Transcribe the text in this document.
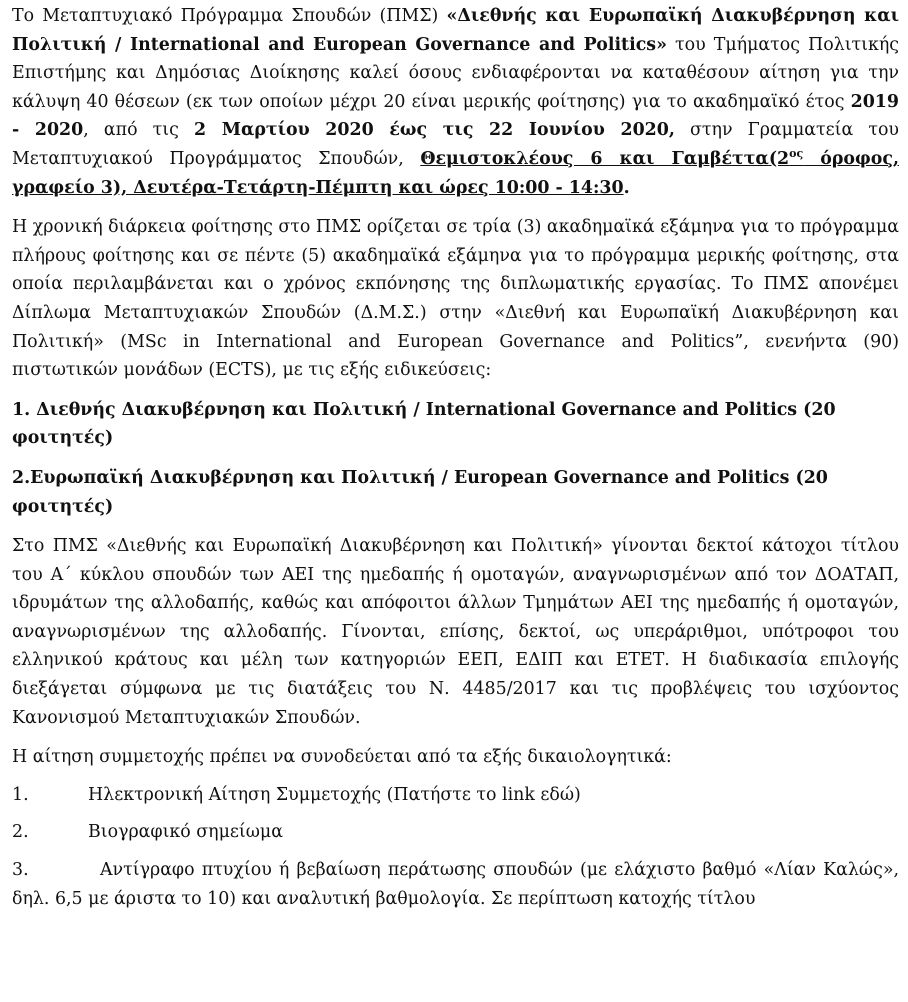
Το Μεταπτυχιακό Πρόγραμμα Σπουδών (ΠΜΣ) «Διεθνής και Ευρωπαϊκή Διακυβέρνηση και Πολιτική / International and European Governance and Politics» του Τμήματος Πολιτικής Επιστήμης και Δημόσιας Διοίκησης καλεί όσους ενδιαφέρονται να καταθέσουν αίτηση για την κάλυψη 40 θέσεων (εκ των οποίων μέχρι 20 είναι μερικής φοίτησης) για το ακαδημαϊκό έτος 2019 - 2020, από τις 2 Μαρτίου 2020 έως τις 22 Ιουνίου 2020, στην Γραμματεία του Μεταπτυχιακού Προγράμματος Σπουδών, Θεμιστοκλέους 6 και $\Gamma\alpha\mu\beta έ\tau\tau\alpha(2^{o\varsigma}$ όροφος, γραφείο 3), Δευτέρα-Τετάρτη-Πέμπτη και ώρες 10:00 - 14:30.

Η χρονική διάρκεια φοίτησης στο ΠΜΣ ορίζεται σε τρία (3) ακαδημαϊκά εξάμηνα για το πρόγραμμα πλήρους φοίτησης και σε πέντε (5) ακαδημαϊκά εξάμηνα για το πρόγραμμα μερικής φοίτησης, στα οποία περιλαμβάνεται και ο χρόνος εκπόνησης της διπλωματικής εργασίας. Το ΠΜΣ απονέμει Δίπλωμα Μεταπτυχιακών Σπουδών (Δ.Μ.Σ.) στην «Διεθνή και Ευρωπαϊκή Διακυβέρνηση και Πολιτική» (MSc in International and European Governance and Politics”, ενενήντα (90) πιστωτικών μονάδων (ECTS), με τις εξής ειδικεύσεις:

1. Διεθνής Διακυβέρνηση και Πολιτική / International Governance and Politics (20 φοιτητές)
2.Ευρωπαϊκή Διακυβέρνηση και Πολιτική / European Governance and Politics (20 φοιτητές)

Στο ΠΜΣ «Διεθνής και Ευρωπαϊκή Διακυβέρνηση και Πολιτική» γίνονται δεκτοί κάτοχοι τίτλου του Α΄ κύκλου σπουδών των ΑΕΙ της ημεδαπής ή ομοταγών, αναγνωρισμένων από τον ΔΟΑΤΑΠ, ιδρυμάτων της αλλοδαπής, καθώς και απόφοιτοι άλλων Τμημάτων ΑΕΙ της ημεδαπής ή ομοταγών, αναγνωρισμένων της αλλοδαπής. Γίνονται, επίσης, δεκτοί, ως υπεράριθμοι, υπότροφοι του ελληνικού κράτους και μέλη των κατηγοριών ΕΕΠ, ΕΔΙΠ και ΕΤΕΤ. Η διαδικασία επιλογής διεξάγεται σύμφωνα με τις διατάξεις του Ν. 4485/2017 και τις προβλέψεις του ισχύοντος Κανονισμού Μεταπτυχιακών Σπουδών.

Η αίτηση συμμετοχής πρέπει να συνοδεύεται από τα εξής δικαιολογητικά:

1.	Ηλεκτρονική Αίτηση Συμμετοχής (Πατήστε το link εδώ)
2.	Βιογραφικό σημείωμα
3.	Αντίγραφο πτυχίου ή βεβαίωση περάτωσης σπουδών (με ελάχιστο βαθμό «Λίαν Καλώς», δηλ. 6,5 με άριστα το 10) και αναλυτική βαθμολογία. Σε περίπτωση κατοχής τίτλου
